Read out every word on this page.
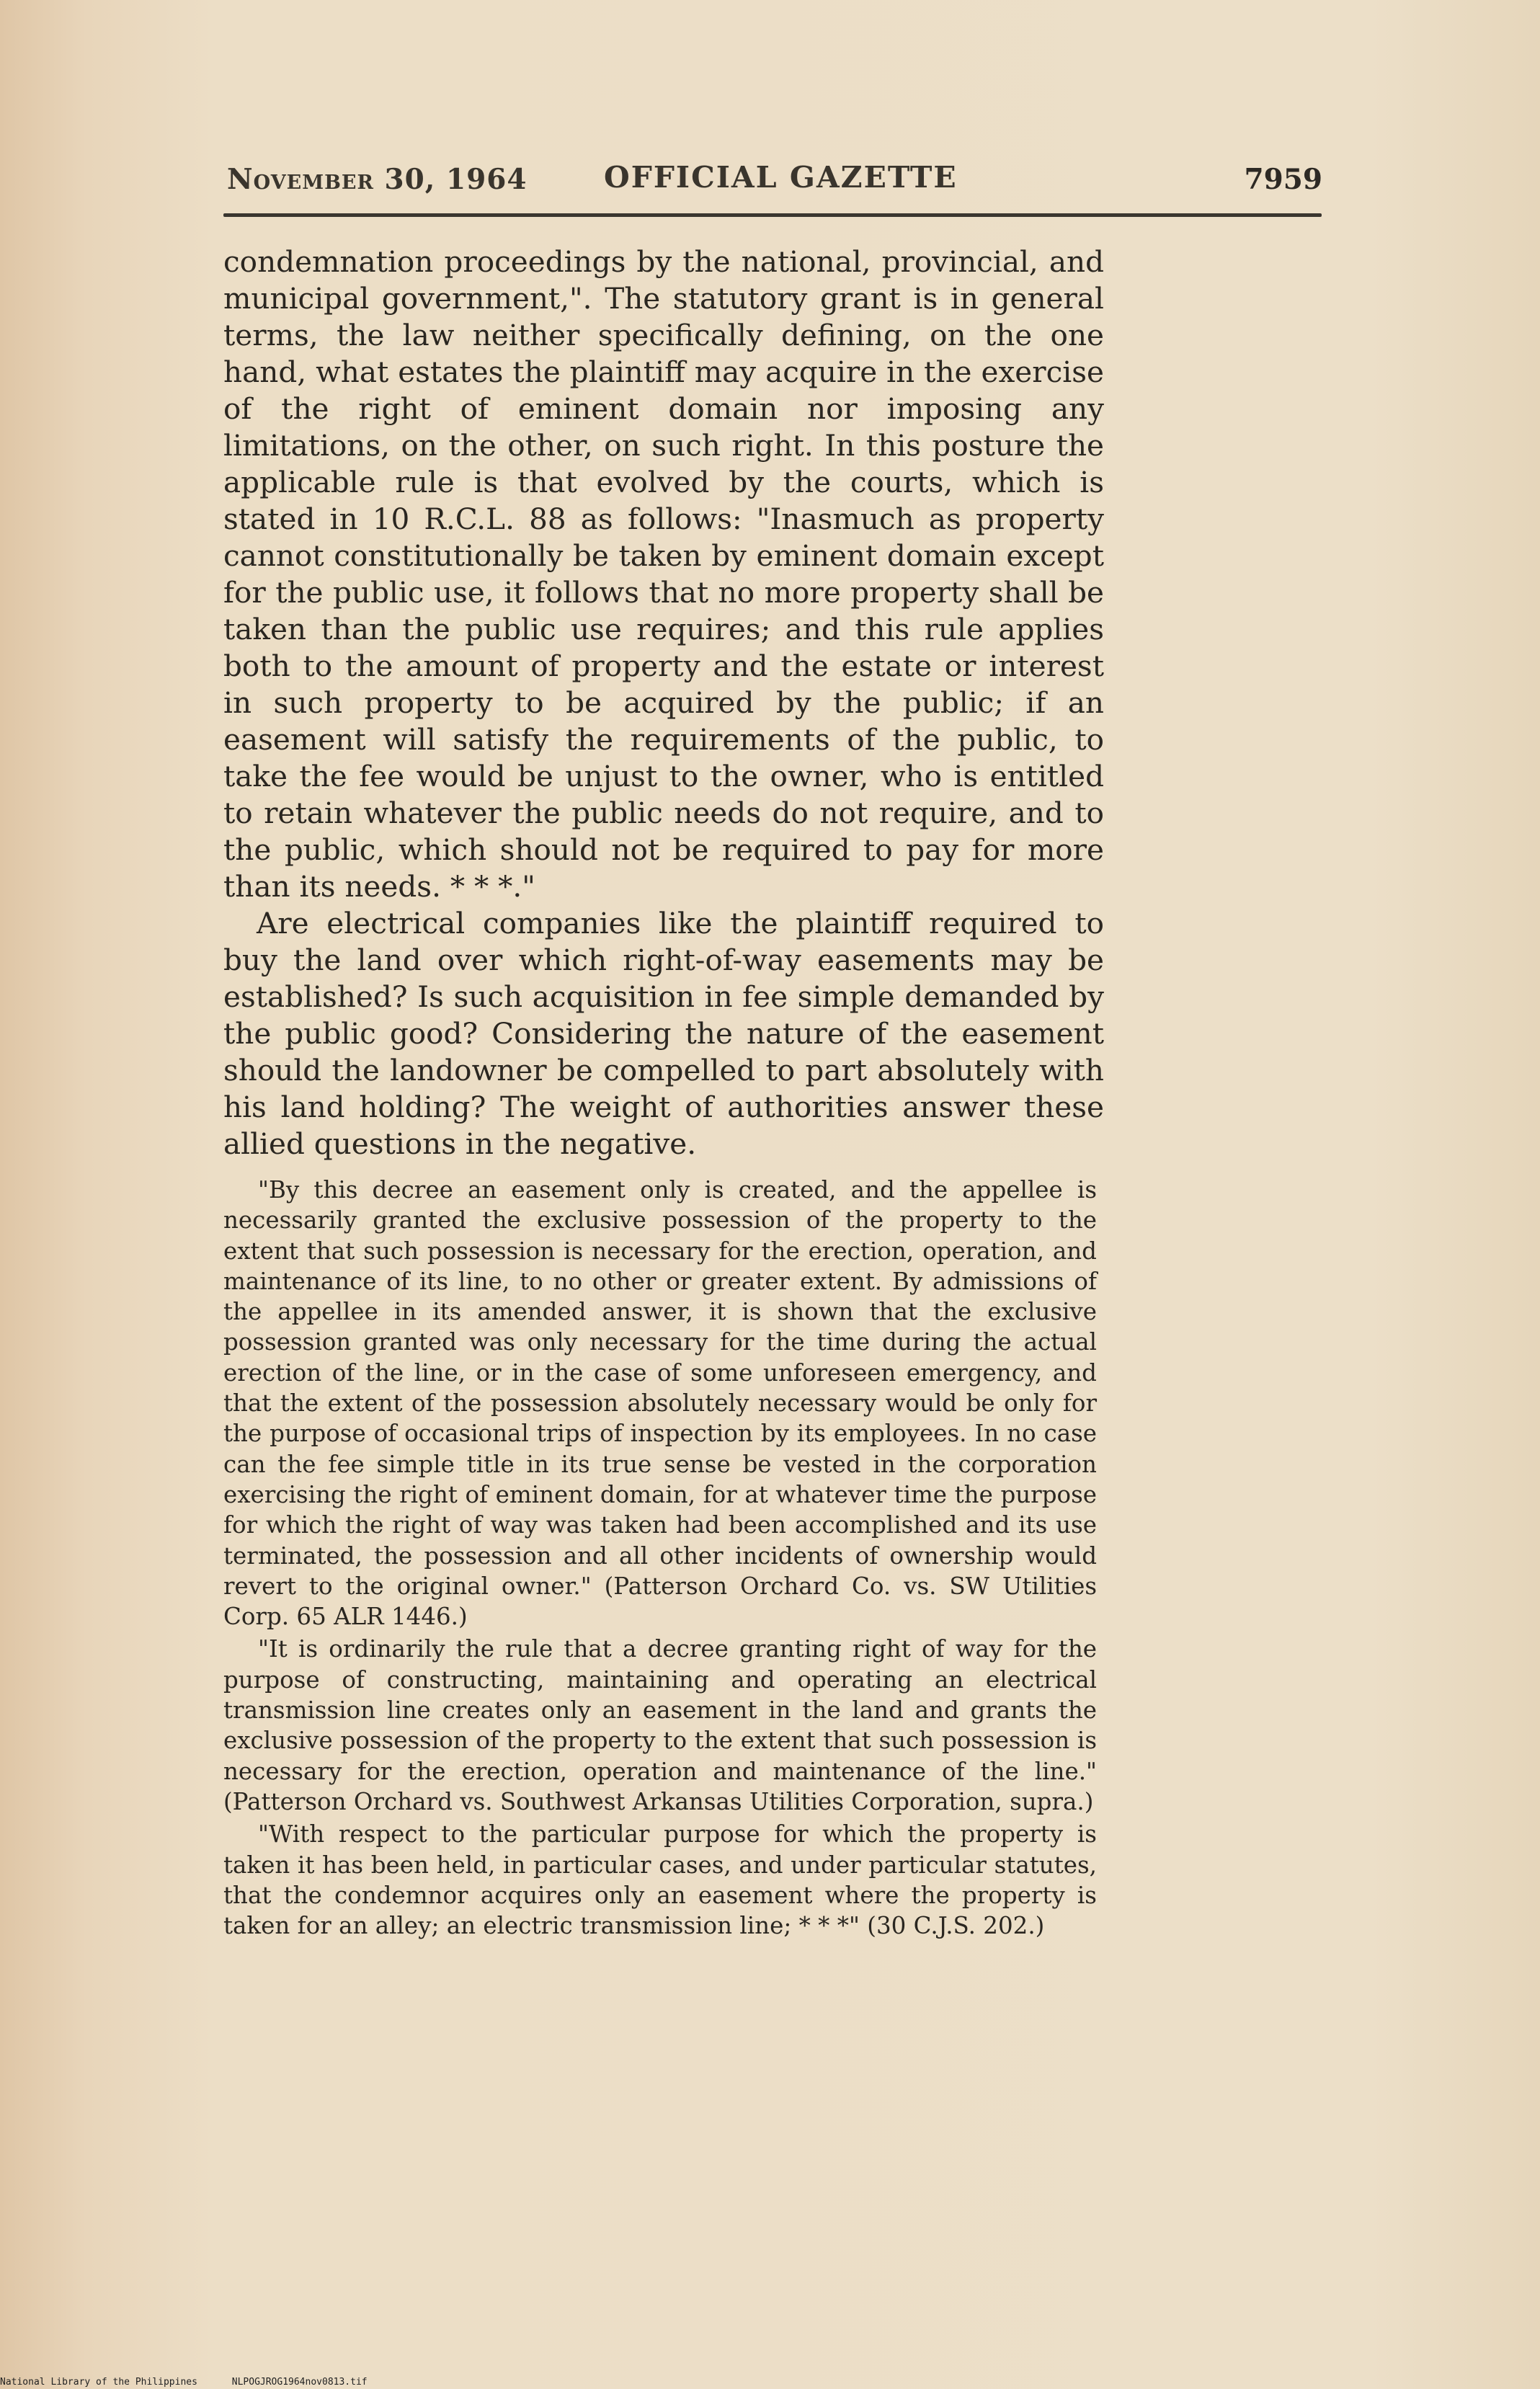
November 30, 1964	OFFICIAL GAZETTE	7959

condemnation proceedings by the national, provincial, and municipal government,". The statutory grant is in general terms, the law neither specifically defining, on the one hand, what estates the plaintiff may acquire in the exercise of the right of eminent domain nor imposing any limitations, on the other, on such right. In this posture the applicable rule is that evolved by the courts, which is stated in 10 R.C.L. 88 as follows: "Inasmuch as property cannot constitutionally be taken by eminent domain except for the public use, it follows that no more property shall be taken than the public use requires; and this rule applies both to the amount of property and the estate or interest in such property to be acquired by the public; if an easement will satisfy the requirements of the public, to take the fee would be unjust to the owner, who is entitled to retain whatever the public needs do not require, and to the public, which should not be required to pay for more than its needs. * * *."

Are electrical companies like the plaintiff required to buy the land over which right-of-way easements may be established? Is such acquisition in fee simple demanded by the public good? Considering the nature of the easement should the landowner be compelled to part absolutely with his land holding? The weight of authorities answer these allied questions in the negative.

"By this decree an easement only is created, and the appellee is necessarily granted the exclusive possession of the property to the extent that such possession is necessary for the erection, operation, and maintenance of its line, to no other or greater extent. By admissions of the appellee in its amended answer, it is shown that the exclusive possession granted was only necessary for the time during the actual erection of the line, or in the case of some unforeseen emergency, and that the extent of the possession absolutely necessary would be only for the purpose of occasional trips of inspection by its employees. In no case can the fee simple title in its true sense be vested in the corporation exercising the right of eminent domain, for at whatever time the purpose for which the right of way was taken had been accomplished and its use terminated, the possession and all other incidents of ownership would revert to the original owner." (Patterson Orchard Co. vs. SW Utilities Corp. 65 ALR 1446.)

"It is ordinarily the rule that a decree granting right of way for the purpose of constructing, maintaining and operating an electrical transmission line creates only an easement in the land and grants the exclusive possession of the property to the extent that such possession is necessary for the erection, operation and maintenance of the line." (Patterson Orchard vs. Southwest Arkansas Utilities Corporation, supra.)

"With respect to the particular purpose for which the property is taken it has been held, in particular cases, and under particular statutes, that the condemnor acquires only an easement where the property is taken for an alley; an electric transmission line; * * *" (30 C.J.S. 202.)

National Library of the Philippines	NLPOGJROG1964nov0813.tif
